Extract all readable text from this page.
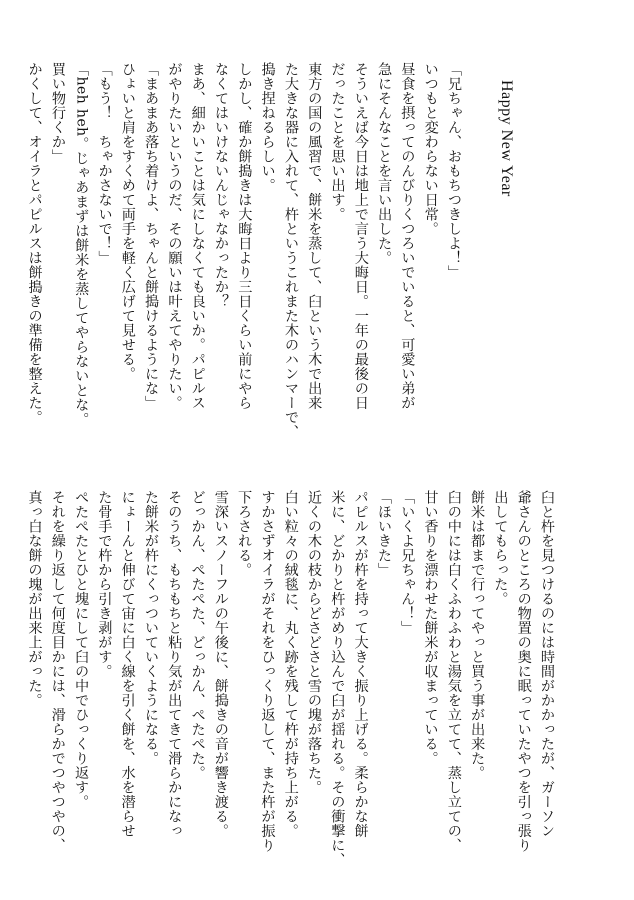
Happy New Year

「兄ちゃん、おもちつきしよ！」

いつもと変わらない日常。

昼食を摂ってのんびりくつろいでいると、可愛い弟が

急にそんなことを言い出した。

そういえば今日は地上で言う大晦日。一年の最後の日

だったことを思い出す。

東方の国の風習で、餅米を蒸して、臼という木で出来

た大きな器に入れて、杵というこれまた木のハンマーで、

搗き捏ねるらしい。

しかし、確か餅搗きは大晦日より三日くらい前にやら

なくてはいけないんじゃなかったか？

まあ、細かいことは気にしなくても良いか。パピルス

がやりたいというのだ、その願いは叶えてやりたい。

「まあまあ落ち着けよ、ちゃんと餅搗けるようにな」

ひょいと肩をすくめて両手を軽く広げて見せる。

「もう！　ちゃかさないで！」

「heh heh。じゃあまずは餅米を蒸してやらないとな。

買い物行くか」

かくして、オイラとパピルスは餅搗きの準備を整えた。

臼と杵を見つけるのには時間がかかったが、ガーソン

爺さんのところの物置の奥に眠っていたやつを引っ張り

出してもらった。

餅米は都まで行ってやっと買う事が出来た。

臼の中には白くふわふわと湯気を立てて、蒸し立ての、

甘い香りを漂わせた餅米が収まっている。

「いくよ兄ちゃん！」

「ほいきた」

パピルスが杵を持って大きく振り上げる。柔らかな餅

米に、どかりと杵がめり込んで臼が揺れる。その衝撃に、

近くの木の枝からどさどさと雪の塊が落ちた。

白い粒々の絨毯に、丸く跡を残して杵が持ち上がる。

すかさずオイラがそれをひっくり返して、また杵が振り

下ろされる。

雪深いスノーフルの午後に、餅搗きの音が響き渡る。

どっかん、ぺたぺた、どっかん、ぺたぺた。

そのうち、もちもちと粘り気が出てきて滑らかになっ

た餅米が杵にくっついていくようになる。

にょーんと伸びて宙に白く線を引く餅を、水を潜らせ

た骨手で杵から引き剥がす。

ぺたぺたとひと塊にして臼の中でひっくり返す。

それを繰り返して何度目かには、滑らかでつやつやの、

真っ白な餅の塊が出来上がった。
